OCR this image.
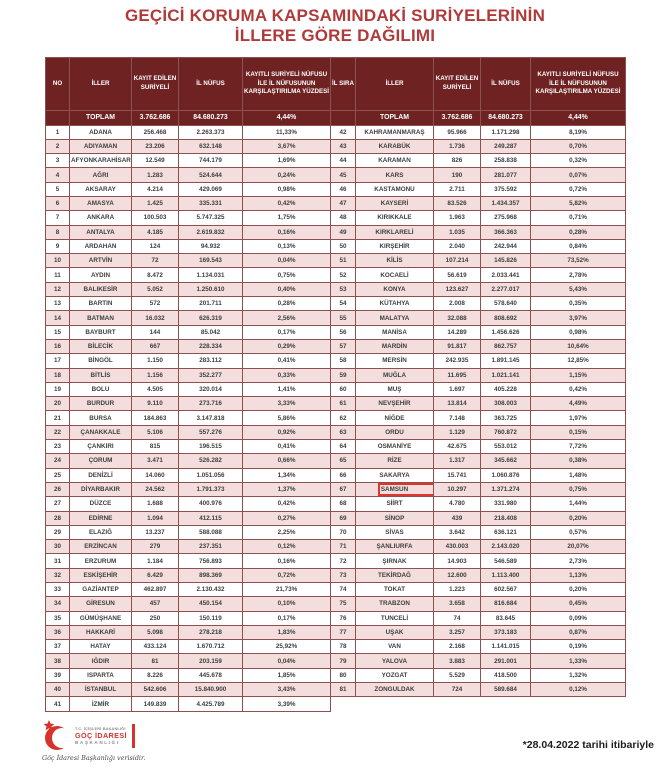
GEÇİCİ KORUMA KAPSAMINDAKİ SURİYELERİNİN
İLLERE GÖRE DAĞILIMI
NO	İLLER	KAYIT EDİLEN SURİYELİ	İL NÜFUS	KAYITLI SURİYELİ NÜFUSU İLE İL NÜFUSUNUN KARŞILAŞTIRILMA YÜZDESİ	İL SIRA	İLLER	KAYIT EDİLEN SURİYELİ	İL NÜFUS	KAYITLI SURİYELİ NÜFUSU İLE İL NÜFUSUNUN KARŞILAŞTIRILMA YÜZDESİ
	TOPLAM	3.762.686	84.680.273	4,44%		TOPLAM	3.762.686	84.680.273	4,44%
1	ADANA	256.468	2.263.373	11,33%	42	KAHRAMANMARAŞ	95.966	1.171.298	8,19%
2	ADIYAMAN	23.206	632.148	3,67%	43	KARABÜK	1.736	249.287	0,70%
3	AFYONKARAHİSAR	12.549	744.179	1,69%	44	KARAMAN	826	258.838	0,32%
4	AĞRI	1.283	524.644	0,24%	45	KARS	190	281.077	0,07%
5	AKSARAY	4.214	429.069	0,98%	46	KASTAMONU	2.711	375.592	0,72%
6	AMASYA	1.425	335.331	0,42%	47	KAYSERİ	83.526	1.434.357	5,82%
7	ANKARA	100.503	5.747.325	1,75%	48	KIRIKKALE	1.963	275.968	0,71%
8	ANTALYA	4.185	2.619.832	0,16%	49	KIRKLARELİ	1.035	366.363	0,28%
9	ARDAHAN	124	94.932	0,13%	50	KIRŞEHİR	2.040	242.944	0,84%
10	ARTVİN	72	169.543	0,04%	51	KİLİS	107.214	145.826	73,52%
11	AYDIN	8.472	1.134.031	0,75%	52	KOCAELİ	56.619	2.033.441	2,78%
12	BALIKESİR	5.052	1.250.610	0,40%	53	KONYA	123.627	2.277.017	5,43%
13	BARTIN	572	201.711	0,28%	54	KÜTAHYA	2.008	578.640	0,35%
14	BATMAN	16.032	626.319	2,56%	55	MALATYA	32.088	808.692	3,97%
15	BAYBURT	144	85.042	0,17%	56	MANİSA	14.289	1.456.626	0,98%
16	BİLECİK	667	228.334	0,29%	57	MARDİN	91.817	862.757	10,64%
17	BİNGÖL	1.150	283.112	0,41%	58	MERSİN	242.935	1.891.145	12,85%
18	BİTLİS	1.156	352.277	0,33%	59	MUĞLA	11.695	1.021.141	1,15%
19	BOLU	4.505	320.014	1,41%	60	MUŞ	1.697	405.228	0,42%
20	BURDUR	9.110	273.716	3,33%	61	NEVŞEHİR	13.814	308.003	4,49%
21	BURSA	184.863	3.147.818	5,86%	62	NİĞDE	7.148	363.725	1,97%
22	ÇANAKKALE	5.106	557.276	0,92%	63	ORDU	1.129	760.872	0,15%
23	ÇANKIRI	815	196.515	0,41%	64	OSMANİYE	42.675	553.012	7,72%
24	ÇORUM	3.471	526.282	0,66%	65	RİZE	1.317	345.662	0,38%
25	DENİZLİ	14.060	1.051.056	1,34%	66	SAKARYA	15.741	1.060.876	1,48%
26	DİYARBAKIR	24.562	1.791.373	1,37%	67	SAMSUN	10.297	1.371.274	0,75%
27	DÜZCE	1.688	400.976	0,42%	68	SİİRT	4.780	331.980	1,44%
28	EDİRNE	1.094	412.115	0,27%	69	SİNOP	439	218.408	0,20%
29	ELAZIĞ	13.237	588.088	2,25%	70	SİVAS	3.642	636.121	0,57%
30	ERZİNCAN	279	237.351	0,12%	71	ŞANLIURFA	430.003	2.143.020	20,07%
31	ERZURUM	1.184	756.893	0,16%	72	ŞIRNAK	14.903	546.589	2,73%
32	ESKİŞEHİR	6.429	898.369	0,72%	73	TEKİRDAĞ	12.600	1.113.400	1,13%
33	GAZİANTEP	462.897	2.130.432	21,73%	74	TOKAT	1.223	602.567	0,20%
34	GİRESUN	457	450.154	0,10%	75	TRABZON	3.658	816.684	0,45%
35	GÜMÜŞHANE	250	150.119	0,17%	76	TUNCELİ	74	83.645	0,09%
36	HAKKARİ	5.098	278.218	1,83%	77	UŞAK	3.257	373.183	0,87%
37	HATAY	433.124	1.670.712	25,92%	78	VAN	2.168	1.141.015	0,19%
38	IĞDIR	81	203.159	0,04%	79	YALOVA	3.883	291.001	1,33%
39	ISPARTA	8.226	445.678	1,85%	80	YOZGAT	5.529	418.500	1,32%
40	İSTANBUL	542.606	15.840.900	3,43%	81	ZONGULDAK	724	589.684	0,12%
41	İZMİR	149.839	4.425.789	3,39%					
T.C. İÇİŞLERİ BAKANLIĞI
GÖÇ İDARESİ
BAŞKANLIĞI
Göç İdaresi Başkanlığı verisidir.
*28.04.2022 tarihi itibariyle
